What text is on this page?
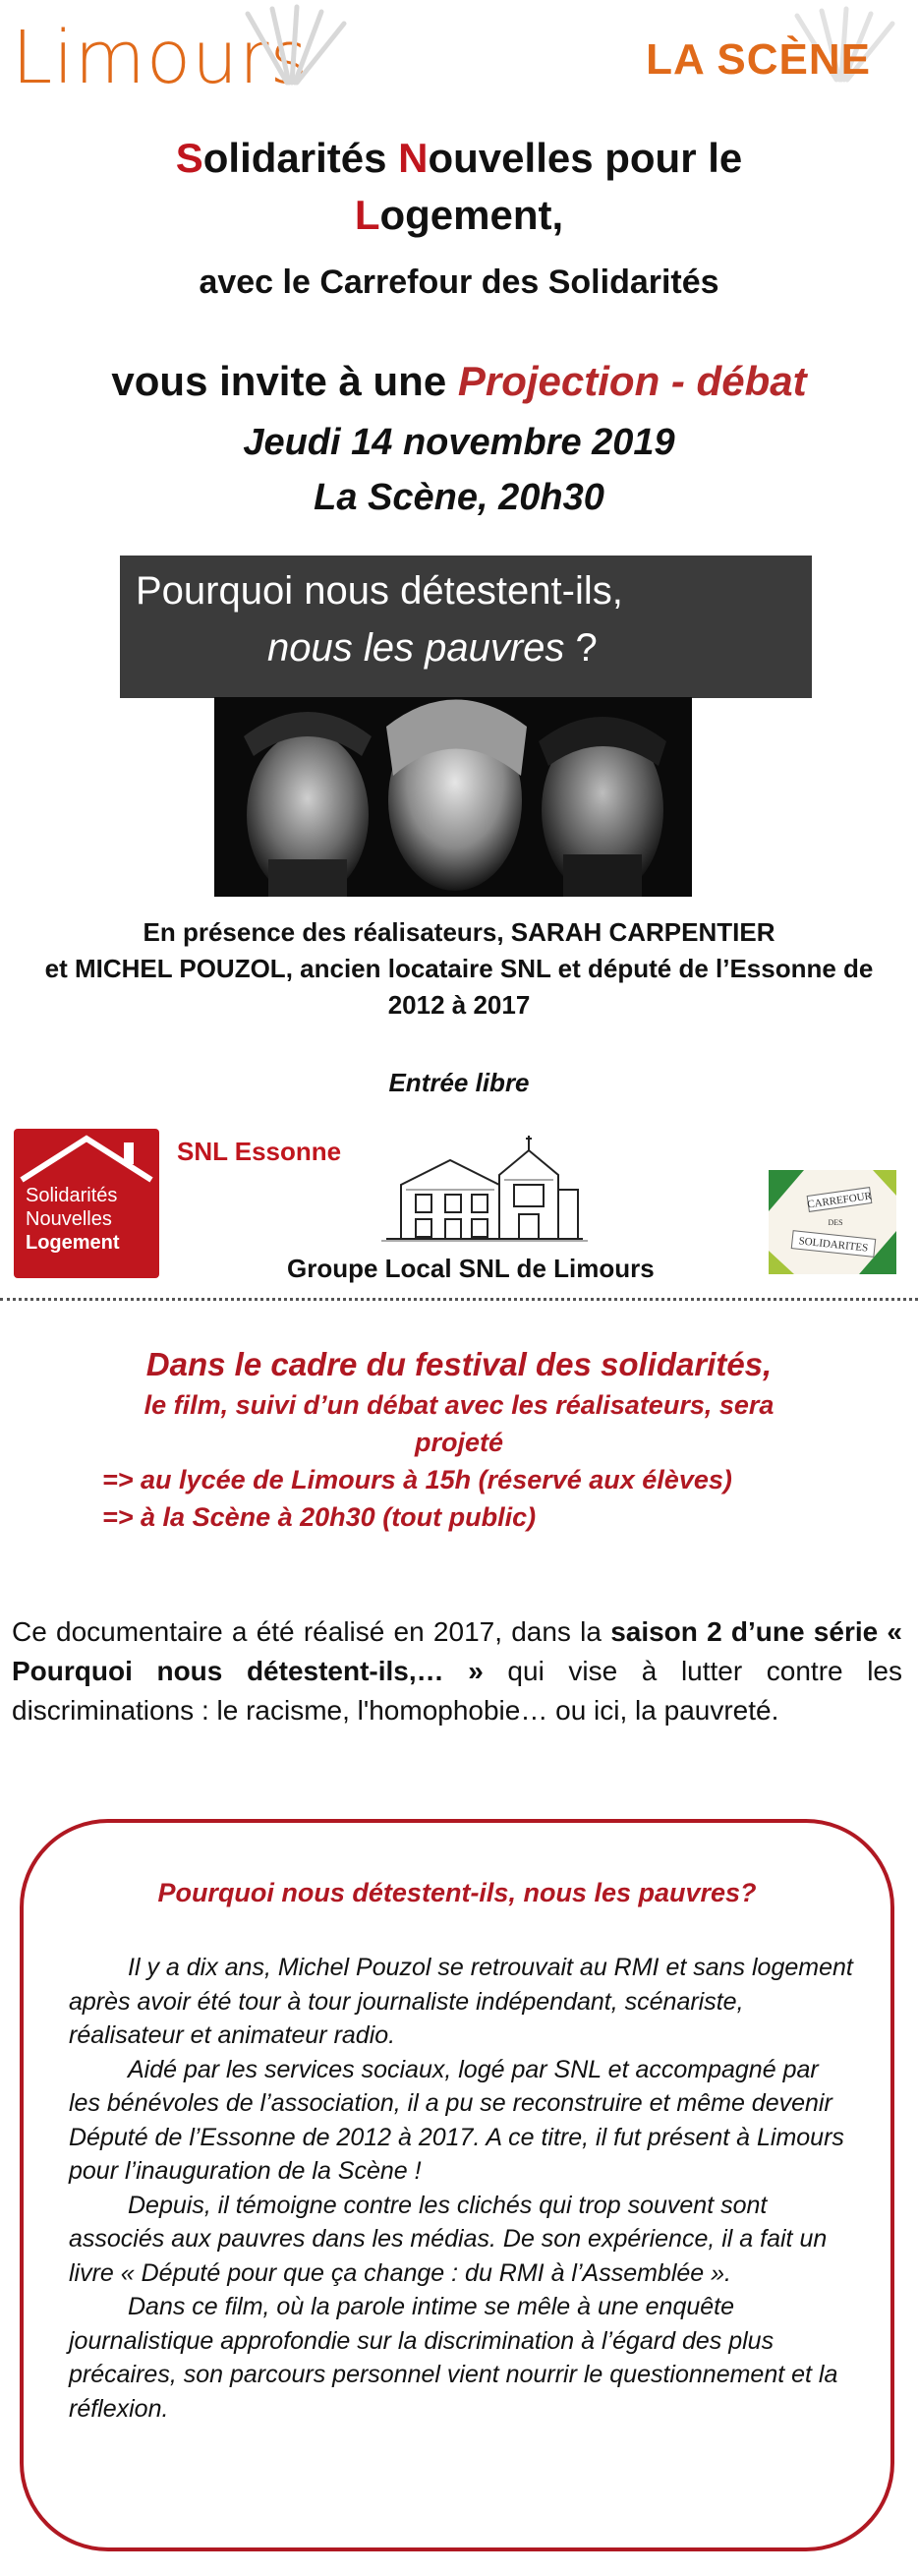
Limours	LA SCÈNE
Solidarités Nouvelles pour le
Logement,
avec le Carrefour des Solidarités
vous invite à une Projection - débat
Jeudi 14 novembre 2019
La Scène, 20h30
Pourquoi nous détestent-ils,
nous les pauvres ?
En présence des réalisateurs, SARAH CARPENTIER
et MICHEL POUZOL, ancien locataire SNL et député de l’Essonne de
2012 à 2017
Entrée libre
Solidarités
Nouvelles
Logement
SNL Essonne
Groupe Local SNL de Limours
CARREFOUR
DES
SOLIDARITES
Dans le cadre du festival des solidarités,
le film, suivi d’un débat avec les réalisateurs, sera
projeté
=> au lycée de Limours à 15h (réservé aux élèves)
=> à la Scène à 20h30 (tout public)
Ce documentaire a été réalisé en 2017, dans la saison 2 d’une série « Pourquoi nous détestent-ils,… » qui vise à lutter contre les discriminations : le racisme, l'homophobie… ou ici, la pauvreté.
Pourquoi nous détestent-ils, nous les pauvres?

Il y a dix ans, Michel Pouzol se retrouvait au RMI et sans logement après avoir été tour à tour journaliste indépendant, scénariste, réalisateur et animateur radio.

Aidé par les services sociaux, logé par SNL et accompagné par les bénévoles de l’association, il a pu se reconstruire et même devenir Député de l’Essonne de 2012 à 2017. A ce titre, il fut présent à Limours pour l’inauguration de la Scène !

Depuis, il témoigne contre les clichés qui trop souvent sont associés aux pauvres dans les médias. De son expérience, il a fait un livre « Député pour que ça change : du RMI à l’Assemblée ».

Dans ce film, où la parole intime se mêle à une enquête journalistique approfondie sur la discrimination à l’égard des plus précaires, son parcours personnel vient nourrir le questionnement et la réflexion.
